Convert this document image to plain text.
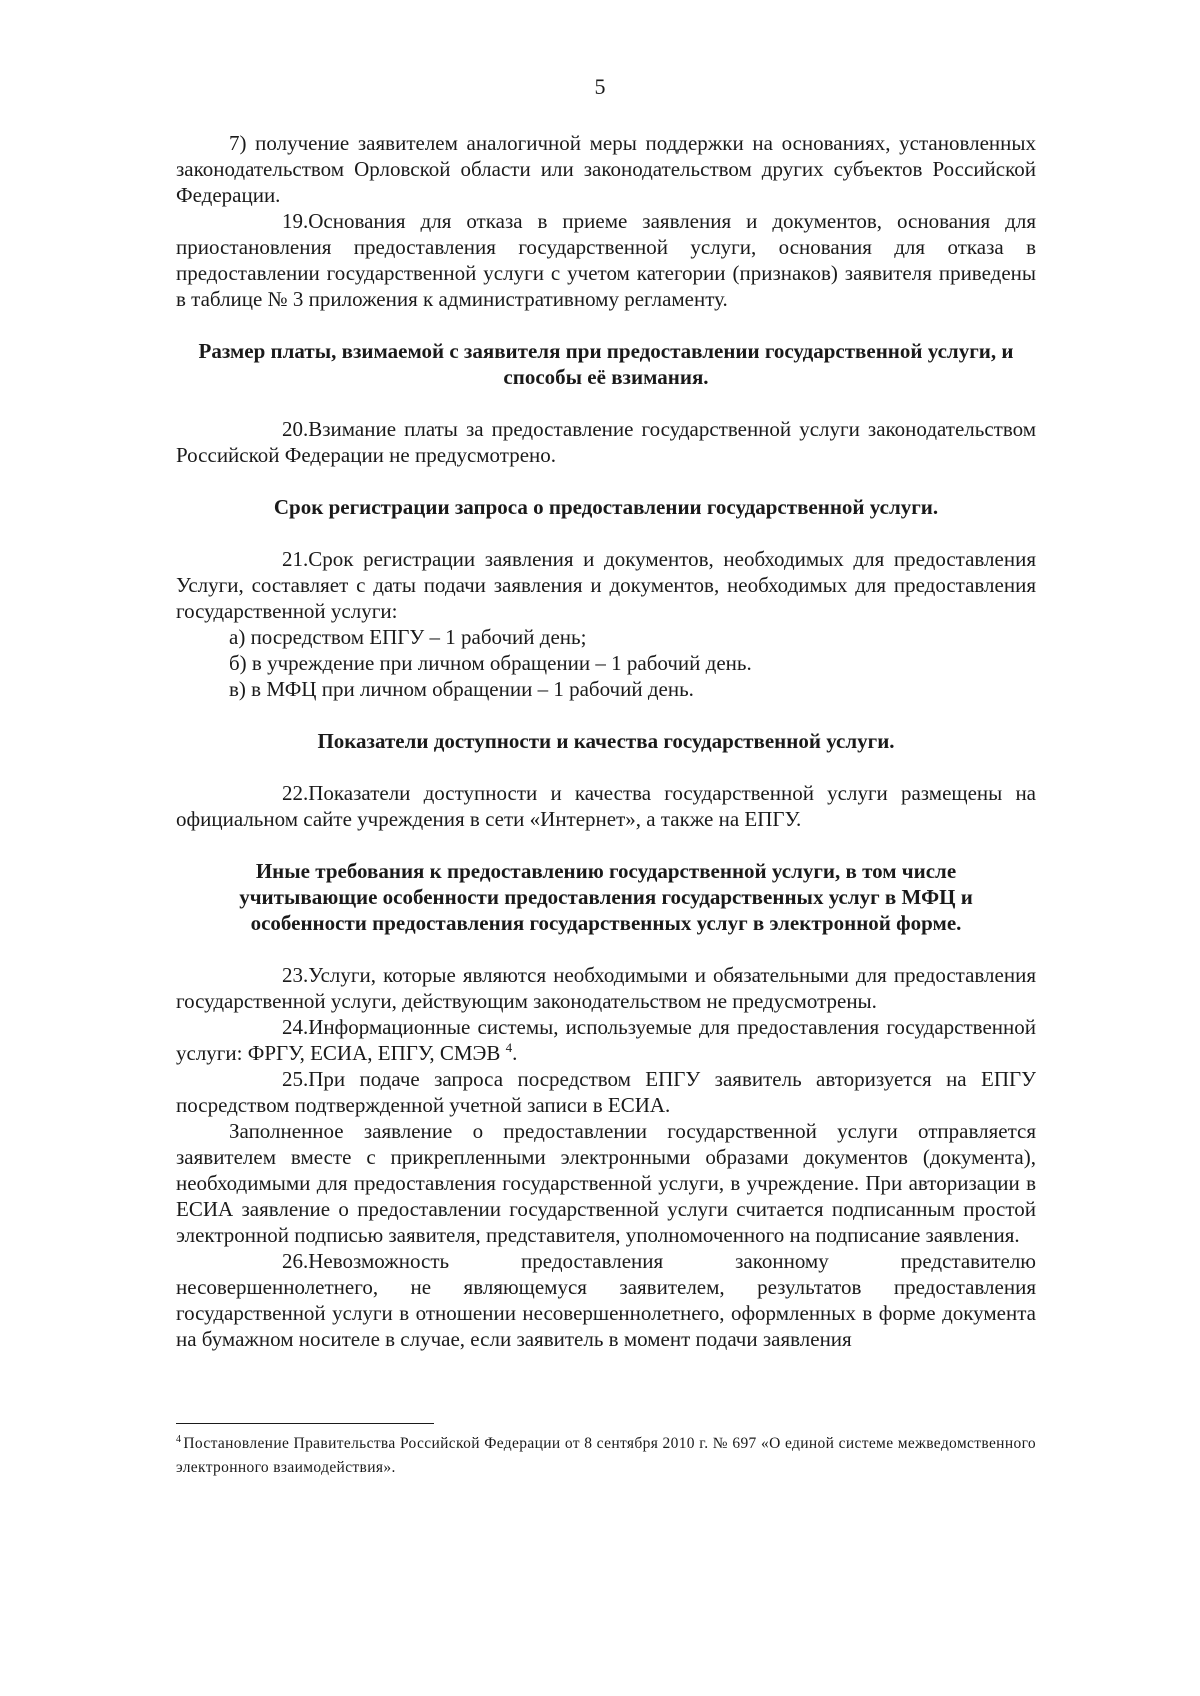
5

7) получение заявителем аналогичной меры поддержки на основаниях, установленных законодательством Орловской области или законодательством других субъектов Российской Федерации.

19.Основания для отказа в приеме заявления и документов, основания для приостановления предоставления государственной услуги, основания для отказа в предоставлении государственной услуги с учетом категории (признаков) заявителя приведены в таблице № 3 приложения к административному регламенту.

Размер платы, взимаемой с заявителя при предоставлении государственной услуги, и способы её взимания.

20.Взимание платы за предоставление государственной услуги законодательством Российской Федерации не предусмотрено.

Срок регистрации запроса о предоставлении государственной услуги.

21.Срок регистрации заявления и документов, необходимых для предоставления Услуги, составляет с даты подачи заявления и документов, необходимых для предоставления государственной услуги:

а) посредством ЕПГУ – 1 рабочий день;

б) в учреждение при личном обращении – 1 рабочий день.

в) в МФЦ при личном обращении – 1 рабочий день.

Показатели доступности и качества государственной услуги.

22.Показатели доступности и качества государственной услуги размещены на официальном сайте учреждения в сети «Интернет», а также на ЕПГУ.

Иные требования к предоставлению государственной услуги, в том числе учитывающие особенности предоставления государственных услуг в МФЦ и особенности предоставления государственных услуг в электронной форме.

23.Услуги, которые являются необходимыми и обязательными для предоставления государственной услуги, действующим законодательством не предусмотрены.

24.Информационные системы, используемые для предоставления государственной услуги: ФРГУ, ЕСИА, ЕПГУ, СМЭВ $^4$.

25.При подаче запроса посредством ЕПГУ заявитель авторизуется на ЕПГУ посредством подтвержденной учетной записи в ЕСИА.

Заполненное заявление о предоставлении государственной услуги отправляется заявителем вместе с прикрепленными электронными образами документов (документа), необходимыми для предоставления государственной услуги, в учреждение. При авторизации в ЕСИА заявление о предоставлении государственной услуги считается подписанным простой электронной подписью заявителя, представителя, уполномоченного на подписание заявления.

26.Невозможность предоставления законному представителю несовершеннолетнего, не являющемуся заявителем, результатов предоставления государственной услуги в отношении несовершеннолетнего, оформленных в форме документа на бумажном носителе в случае, если заявитель в момент подачи заявления

$^4$ Постановление Правительства Российской Федерации от 8 сентября 2010 г. № 697 «О единой системе межведомственного электронного взаимодействия».
